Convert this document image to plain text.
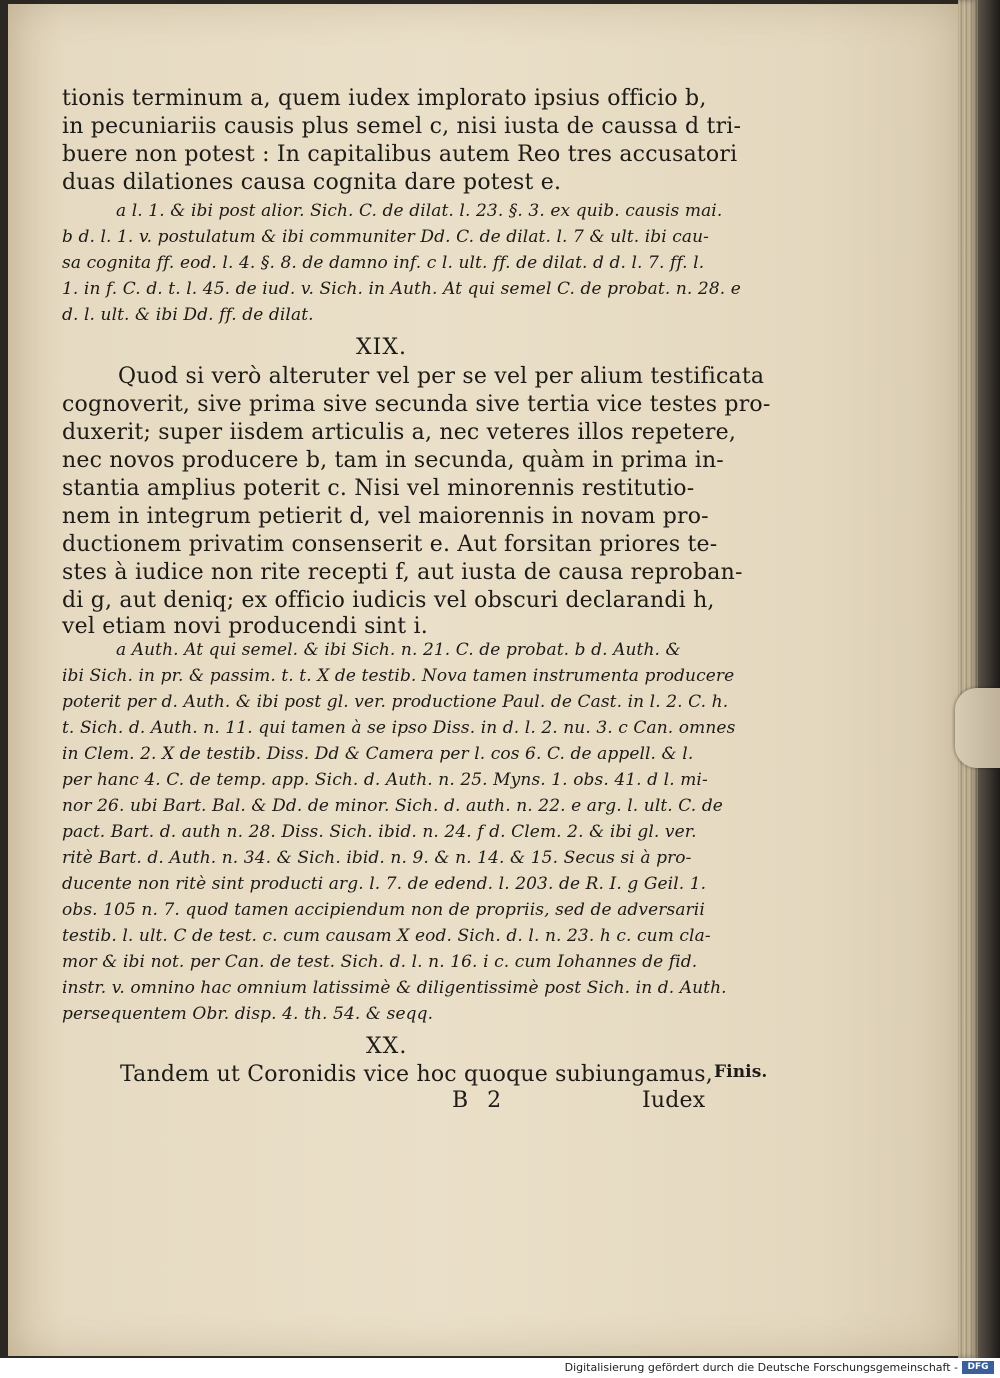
tionis terminum a, quem iudex implorato ipsius officio b,
in pecuniariis causis plus semel c, nisi iusta de caussa d tri-
buere non potest : In capitalibus autem Reo tres accusatori
duas dilationes causa cognita dare potest e.
a l. 1. & ibi post alior. Sich. C. de dilat. l. 23. §. 3. ex quib. causis mai.
b d. l. 1. v. postulatum & ibi communiter Dd. C. de dilat. l. 7 & ult. ibi cau-
sa cognita ff. eod. l. 4. §. 8. de damno inf. c l. ult. ff. de dilat. d d. l. 7. ff. l.
1. in f. C. d. t. l. 45. de iud. v. Sich. in Auth. At qui semel C. de probat. n. 28. e
d. l. ult. & ibi Dd. ff. de dilat.
XIX.
Quod si verò alteruter vel per se vel per alium testificata
cognoverit, sive prima sive secunda sive tertia vice testes pro-
duxerit; super iisdem articulis a, nec veteres illos repetere,
nec novos producere b, tam in secunda, quàm in prima in-
stantia amplius poterit c. Nisi vel minorennis restitutio-
nem in integrum petierit d, vel maiorennis in novam pro-
ductionem privatim consenserit e. Aut forsitan priores te-
stes à iudice non rite recepti f, aut iusta de causa reproban-
di g, aut deniq; ex officio iudicis vel obscuri declarandi h,
vel etiam novi producendi sint i.
a Auth. At qui semel. & ibi Sich. n. 21. C. de probat. b d. Auth. &
ibi Sich. in pr. & passim. t. t. X de testib. Nova tamen instrumenta producere
poterit per d. Auth. & ibi post gl. ver. productione Paul. de Cast. in l. 2. C. h.
t. Sich. d. Auth. n. 11. qui tamen à se ipso Diss. in d. l. 2. nu. 3. c Can. omnes
in Clem. 2. X de testib. Diss. Dd & Camera per l. cos 6. C. de appell. & l.
per hanc 4. C. de temp. app. Sich. d. Auth. n. 25. Myns. 1. obs. 41. d l. mi-
nor 26. ubi Bart. Bal. & Dd. de minor. Sich. d. auth. n. 22. e arg. l. ult. C. de
pact. Bart. d. auth n. 28. Diss. Sich. ibid. n. 24. f d. Clem. 2. & ibi gl. ver.
ritè Bart. d. Auth. n. 34. & Sich. ibid. n. 9. & n. 14. & 15. Secus si à pro-
ducente non ritè sint producti arg. l. 7. de edend. l. 203. de R. I. g Geil. 1.
obs. 105 n. 7. quod tamen accipiendum non de propriis, sed de adversarii
testib. l. ult. C de test. c. cum causam X eod. Sich. d. l. n. 23. h c. cum cla-
mor & ibi not. per Can. de test. Sich. d. l. n. 16. i c. cum Iohannes de fid.
instr. v. omnino hac omnium latissimè & diligentissimè post Sich. in d. Auth.
persequentem Obr. disp. 4. th. 54. & seqq.
XX.
Tandem ut Coronidis vice hoc quoque subiungamus, Finis.
B 2	Iudex
Digitalisierung gefördert durch die Deutsche Forschungsgemeinschaft -	DFG
